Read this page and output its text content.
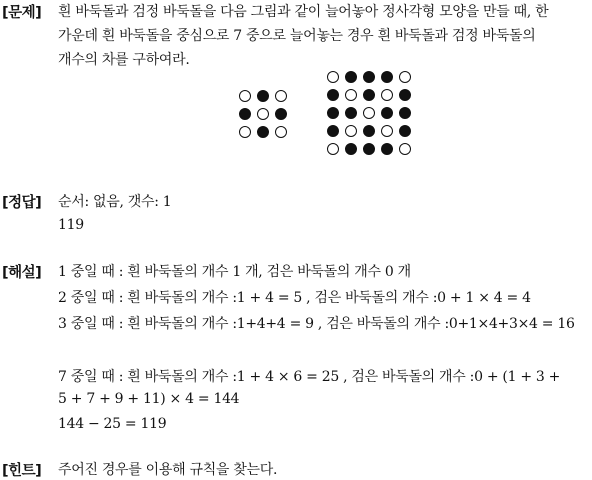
[문제] 흰 바둑돌과 검정 바둑돌을 다음 그림과 같이 늘어놓아 정사각형 모양을 만들 때, 한
가운데 흰 바둑돌을 중심으로 7 중으로 늘어놓는 경우 흰 바둑돌과 검정 바둑돌의
개수의 차를 구하여라.
[정답] 순서: 없음, 갯수: 1
119
[해설] 1 중일 때 : 흰 바둑돌의 개수 1 개, 검은 바둑돌의 개수 0 개
2 중일 때 : 흰 바둑돌의 개수 :1 + 4 = 5 , 검은 바둑돌의 개수 :0 + 1 × 4 = 4
3 중일 때 : 흰 바둑돌의 개수 :1+4+4 = 9 , 검은 바둑돌의 개수 :0+1×4+3×4 = 16
7 중일 때 : 흰 바둑돌의 개수 :1 + 4 × 6 = 25 , 검은 바둑돌의 개수 :0 + (1 + 3 +
5 + 7 + 9 + 11) × 4 = 144
144 − 25 = 119
[힌트] 주어진 경우를 이용해 규칙을 찾는다.
